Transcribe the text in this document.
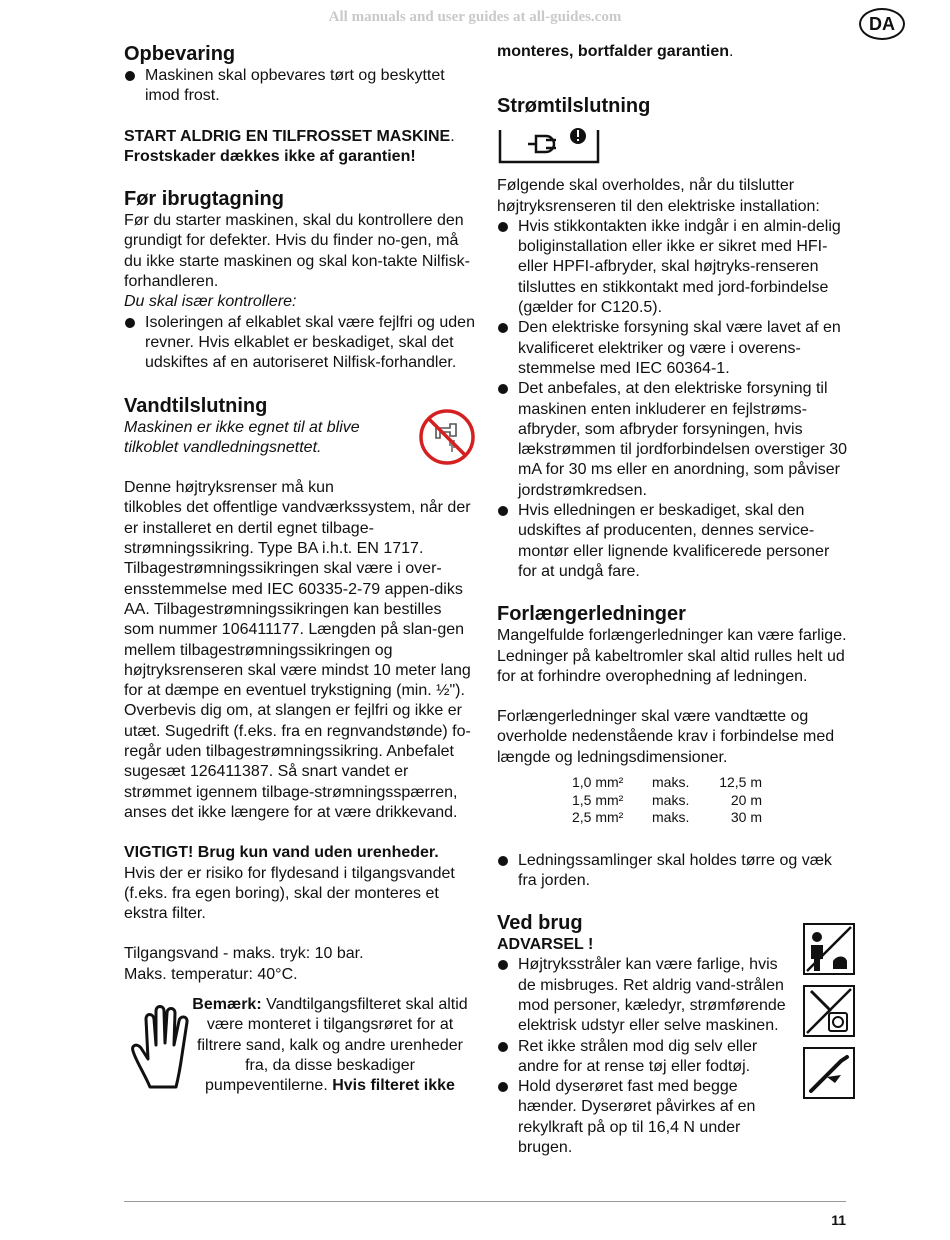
All manuals and user guides at all-guides.com	DA
Opbevaring
Maskinen skal opbevares tørt og beskyttet imod frost.

START ALDRIG EN TILFROSSET MASKINE.

Frostskader dækkes ikke af garantien!

Før ibrugtagning

Før du starter maskinen, skal du kontrollere den grundigt for defekter. Hvis du finder no-gen, må du ikke starte maskinen og skal kon-takte Nilfisk-forhandleren.

Du skal især kontrollere:

Isoleringen af elkablet skal være fejlfri og uden revner. Hvis elkablet er beskadiget, skal det udskiftes af en autoriseret Nilfisk-forhandler.
Vandtilslutning

Maskinen er ikke egnet til at blive

tilkoblet vandledningsnettet.

Denne højtryksrenser må kun

tilkobles det offentlige vandværkssystem, når der er installeret en dertil egnet tilbage-strømningssikring. Type BA i.h.t. EN 1717. Tilbagestrømningssikringen skal være i over-ensstemmelse med IEC 60335-2-79 appen-diks AA. Tilbagestrømningssikringen kan bestilles som nummer 106411177. Længden på slan-gen mellem tilbagestrømningssikringen og højtryksrenseren skal være mindst 10 meter lang for at dæmpe en eventuel trykstigning (min. ½"). Overbevis dig om, at slangen er fejlfri og ikke er utæt. Sugedrift (f.eks. fra en regnvandstønde) fo-regår uden tilbagestrømningssikring. Anbefalet sugesæt 126411387. Så snart vandet er strømmet igennem tilbage-strømningsspærren, anses det ikke længere for at være drikkevand.

VIGTIGT! Brug kun vand uden urenheder.

Hvis der er risiko for flydesand i tilgangsvandet (f.eks. fra egen boring), skal der monteres et ekstra filter.

Tilgangsvand - maks. tryk: 10 bar.

Maks. temperatur: 40°C.

Bemærk: Vandtilgangsfilteret skal altid være monteret i tilgangsrøret for at filtrere sand, kalk og andre urenheder fra, da disse beskadiger pumpeventilerne. Hvis filteret ikke

monteres, bortfalder garantien.

Strømtilslutning

Følgende skal overholdes, når du tilslutter højtryksrenseren til den elektriske installation:

Hvis stikkontakten ikke indgår i en almin-delig boliginstallation eller ikke er sikret med HFI- eller HPFI-afbryder, skal højtryks-renseren tilsluttes en stikkontakt med jord-forbindelse (gælder for C120.5).
Den elektriske forsyning skal være lavet af en kvalificeret elektriker og være i overens-stemmelse med IEC 60364-1.
Det anbefales, at den elektriske forsyning til maskinen enten inkluderer en fejlstrøms-afbryder, som afbryder forsyningen, hvis lækstrømmen til jordforbindelsen overstiger 30 mA for 30 ms eller en anordning, som påviser jordstrømkredsen.
Hvis elledningen er beskadiget, skal den udskiftes af producenten, dennes service-montør eller lignende kvalificerede personer for at undgå fare.
Forlængerledninger

Mangelfulde forlængerledninger kan være farlige. Ledninger på kabeltromler skal altid rulles helt ud for at forhindre overophedning af ledningen.

Forlængerledninger skal være vandtætte og overholde nedenstående krav i forbindelse med længde og ledningsdimensioner.

1,0 mm²	maks.	12,5 m
1,5 mm²	maks.	20 m
2,5 mm²	maks.	30 m
Ledningssamlinger skal holdes tørre og væk fra jorden.
Ved brug

ADVARSEL !

Højtryksstråler kan være farlige, hvis de misbruges. Ret aldrig vand-strålen mod personer, kæledyr, strømførende elektrisk udstyr eller selve maskinen.
Ret ikke strålen mod dig selv eller andre for at rense tøj eller fodtøj.
Hold dyserøret fast med begge hænder. Dyserøret påvirkes af en rekylkraft på op til 16,4 N under brugen.
11
